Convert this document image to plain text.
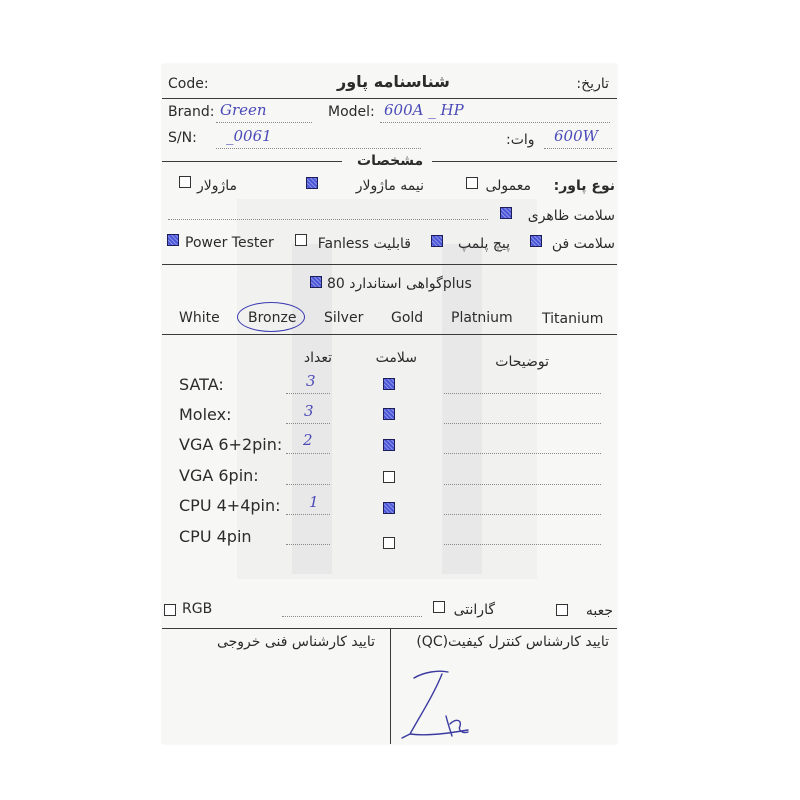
Code:	شناسنامه پاور	تاریخ:
Brand: Green	Model: 600A _ HP
S/N: _0061	:وات 600W
مشخصات
نوع پاور:
معمولی
نیمه ماژولار
ماژولار
سلامت ظاهری
سلامت فن
پیچ پلمپ
قابلیت Fanless
Power Tester
گواهی استاندارد 80plus
White Bronze Silver Gold Platnium Titanium
تعداد	سلامت	توضیحات
SATA:	3
Molex:	3
VGA 6+2pin: 2
VGA 6pin:
CPU 4+4pin: 1
CPU 4pin
RGB	گارانتی	جعبه
تایید کارشناس کنترل کیفیت(QC)
تایید کارشناس فنی خروجی
